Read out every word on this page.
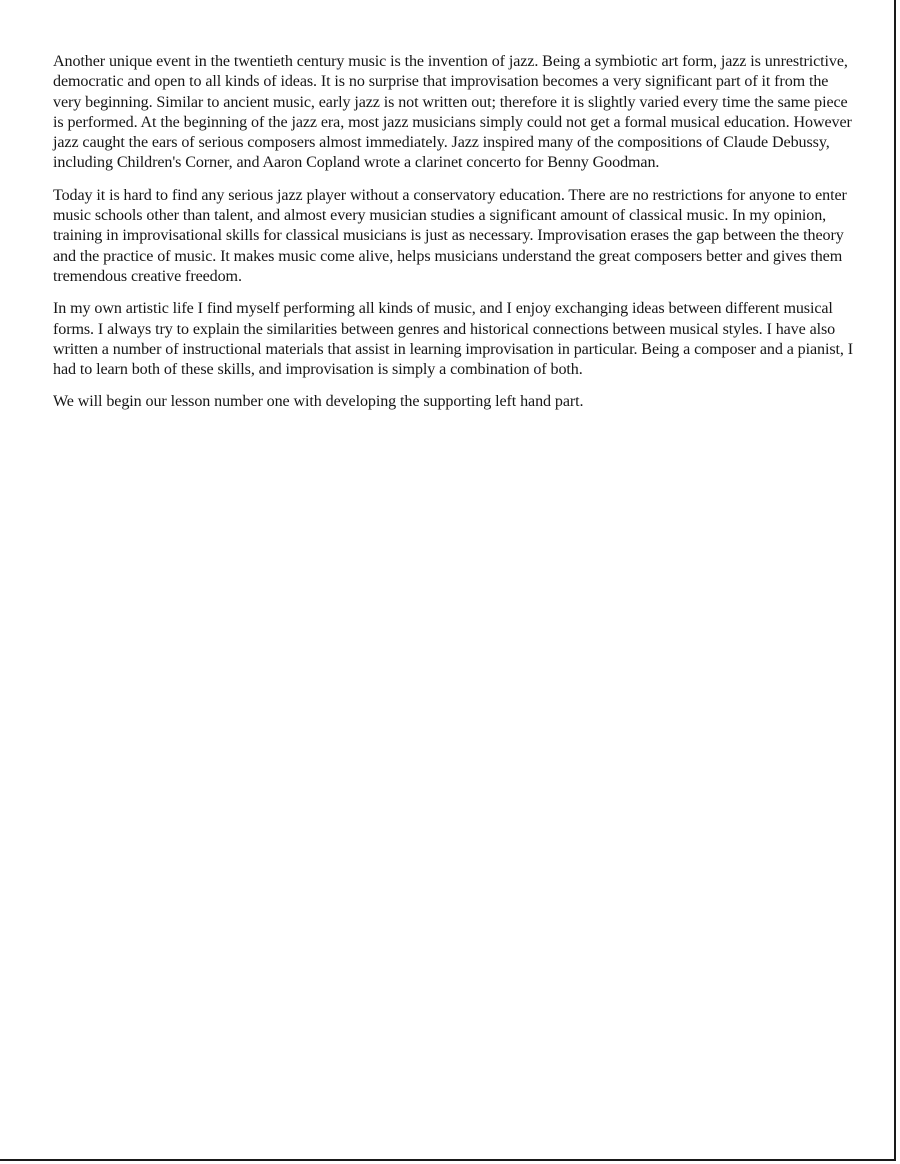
Another unique event in the twentieth century music is the invention of jazz. Being a symbiotic art form, jazz is unrestrictive, democratic and open to all kinds of ideas. It is no surprise that improvisation becomes a very significant part of it from the very beginning. Similar to ancient music, early jazz is not written out; therefore it is slightly varied every time the same piece is performed. At the beginning of the jazz era, most jazz musicians simply could not get a formal musical education. However jazz caught the ears of serious composers almost immediately. Jazz inspired many of the compositions of Claude Debussy, including Children's Corner, and Aaron Copland wrote a clarinet concerto for Benny Goodman.

Today it is hard to find any serious jazz player without a conservatory education. There are no restrictions for anyone to enter music schools other than talent, and almost every musician studies a significant amount of classical music. In my opinion, training in improvisational skills for classical musicians is just as necessary. Improvisation erases the gap between the theory and the practice of music. It makes music come alive, helps musicians understand the great composers better and gives them tremendous creative freedom.

In my own artistic life I find myself performing all kinds of music, and I enjoy exchanging ideas between different musical forms. I always try to explain the similarities between genres and historical connections between musical styles. I have also written a number of instructional materials that assist in learning improvisation in particular. Being a composer and a pianist, I had to learn both of these skills, and improvisation is simply a combination of both.

We will begin our lesson number one with developing the supporting left hand part.
